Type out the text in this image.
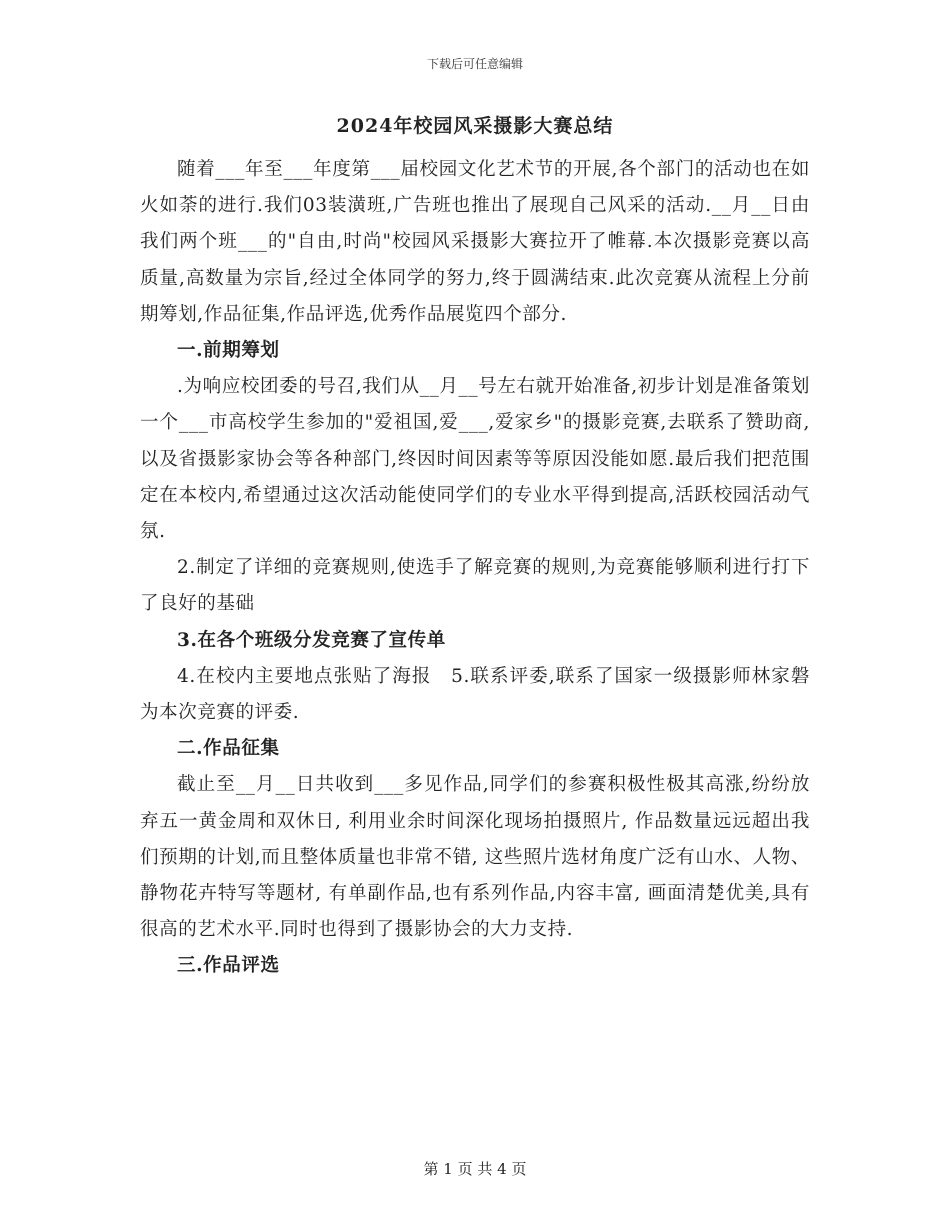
下载后可任意编辑
2024年校园风采摄影大赛总结

随着___年至___年度第___届校园文化艺术节的开展,各个部门的活动也在如火如荼的进行.我们03装潢班,广告班也推出了展现自己风采的活动.__月__日由我们两个班___的"自由,时尚"校园风采摄影大赛拉开了帷幕.本次摄影竞赛以高质量,高数量为宗旨,经过全体同学的努力,终于圆满结束.此次竞赛从流程上分前期筹划,作品征集,作品评选,优秀作品展览四个部分.

一.前期筹划

.为响应校团委的号召,我们从__月__号左右就开始准备,初步计划是准备策划一个___市高校学生参加的"爱祖国,爱___,爱家乡"的摄影竞赛,去联系了赞助商,以及省摄影家协会等各种部门,终因时间因素等等原因没能如愿.最后我们把范围定在本校内,希望通过这次活动能使同学们的专业水平得到提高,活跃校园活动气氛.

2.制定了详细的竞赛规则,使选手了解竞赛的规则,为竞赛能够顺利进行打下了良好的基础

3.在各个班级分发竞赛了宣传单

4.在校内主要地点张贴了海报　5.联系评委,联系了国家一级摄影师林家磐为本次竞赛的评委.

二.作品征集

截止至__月__日共收到___多见作品,同学们的参赛积极性极其高涨,纷纷放弃五一黄金周和双休日, 利用业余时间深化现场拍摄照片, 作品数量远远超出我们预期的计划,而且整体质量也非常不错, 这些照片选材角度广泛有山水、人物、静物花卉特写等题材, 有单副作品,也有系列作品,内容丰富, 画面清楚优美,具有很高的艺术水平.同时也得到了摄影协会的大力支持.

三.作品评选

第 1 页 共 4 页
